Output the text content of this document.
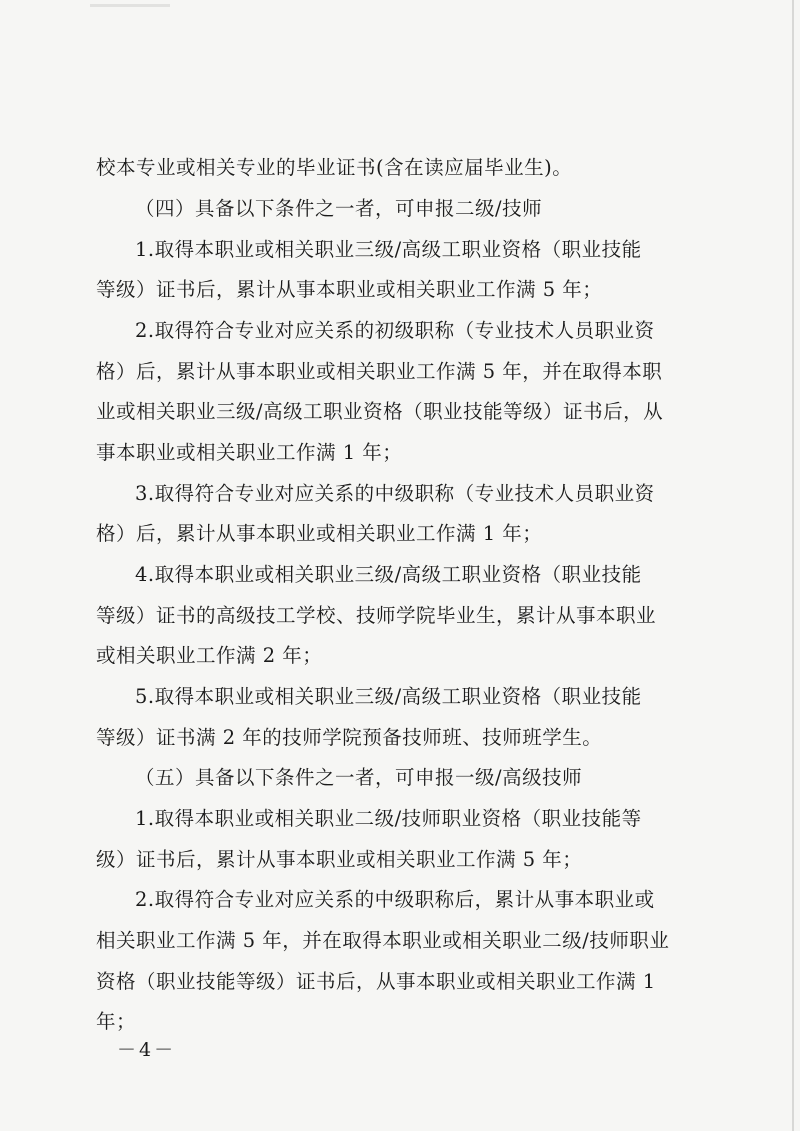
校本专业或相关专业的毕业证书(含在读应届毕业生)。
（四）具备以下条件之一者，可申报二级/技师
1.取得本职业或相关职业三级/高级工职业资格（职业技能
等级）证书后，累计从事本职业或相关职业工作满 5 年；
2.取得符合专业对应关系的初级职称（专业技术人员职业资
格）后，累计从事本职业或相关职业工作满 5 年，并在取得本职
业或相关职业三级/高级工职业资格（职业技能等级）证书后，从
事本职业或相关职业工作满 1 年；
3.取得符合专业对应关系的中级职称（专业技术人员职业资
格）后，累计从事本职业或相关职业工作满 1 年；
4.取得本职业或相关职业三级/高级工职业资格（职业技能
等级）证书的高级技工学校、技师学院毕业生，累计从事本职业
或相关职业工作满 2 年；
5.取得本职业或相关职业三级/高级工职业资格（职业技能
等级）证书满 2 年的技师学院预备技师班、技师班学生。
（五）具备以下条件之一者，可申报一级/高级技师
1.取得本职业或相关职业二级/技师职业资格（职业技能等
级）证书后，累计从事本职业或相关职业工作满 5 年；
2.取得符合专业对应关系的中级职称后，累计从事本职业或
相关职业工作满 5 年，并在取得本职业或相关职业二级/技师职业
资格（职业技能等级）证书后，从事本职业或相关职业工作满 1
年；
－4－
